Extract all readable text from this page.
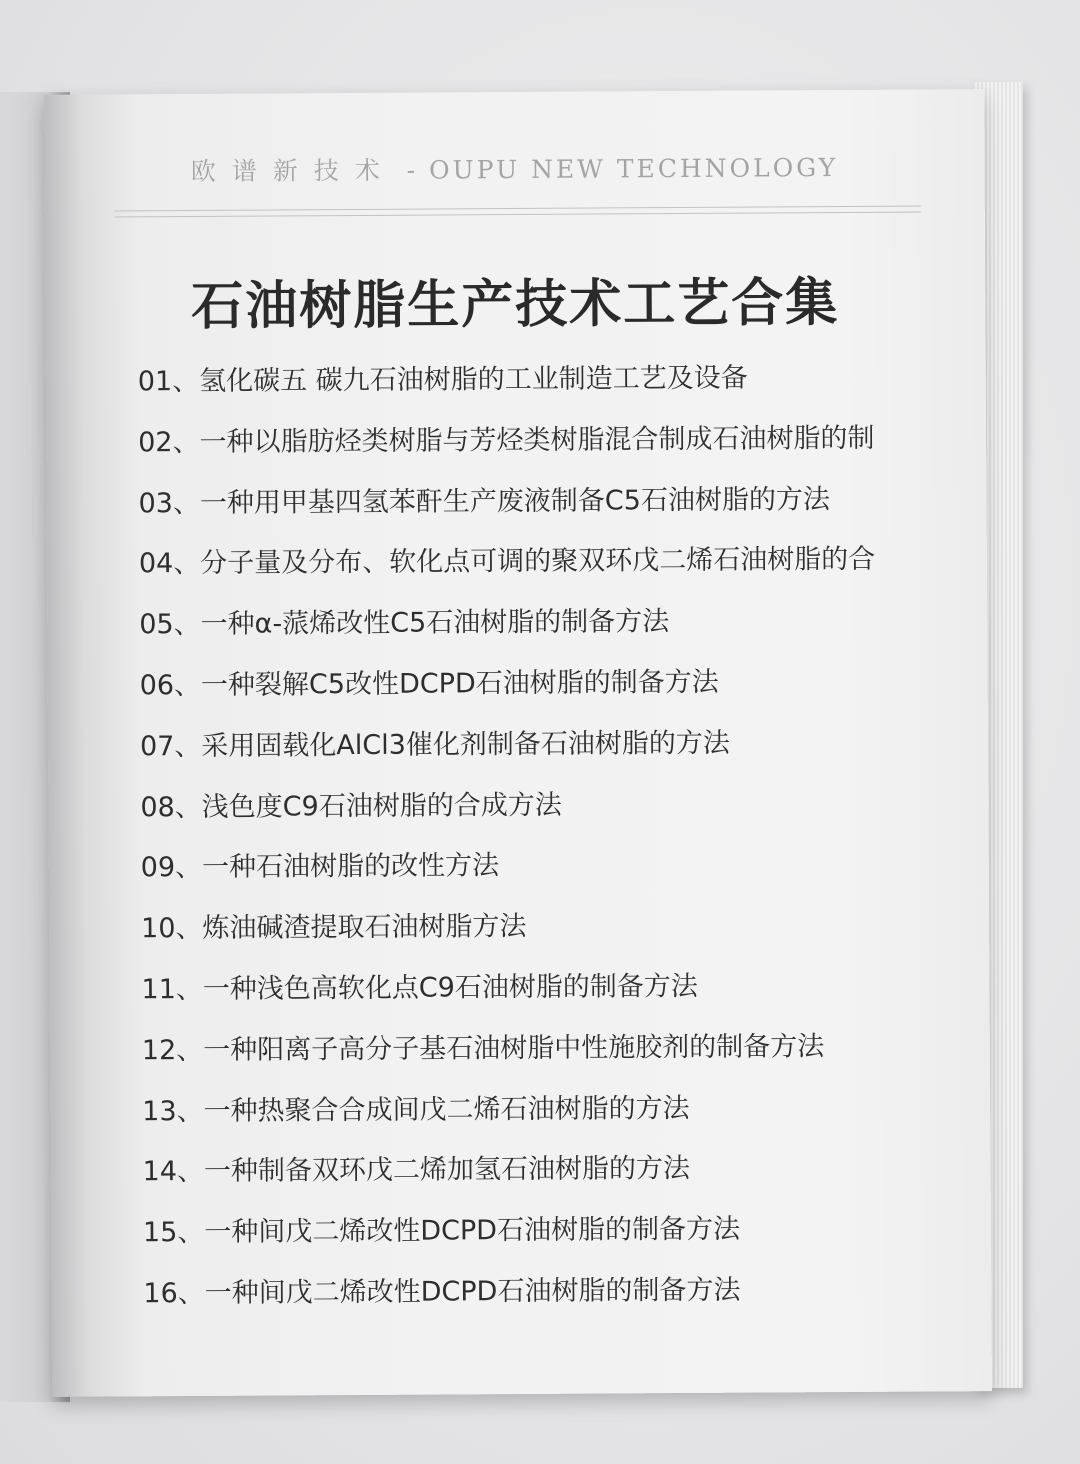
欧谱新技术 - OUPU NEW TECHNOLOGY
石油树脂生产技术工艺合集
01、氢化碳五 碳九石油树脂的工业制造工艺及设备
02、一种以脂肪烃类树脂与芳烃类树脂混合制成石油树脂的制
03、一种用甲基四氢苯酐生产废液制备C5石油树脂的方法
04、分子量及分布、软化点可调的聚双环戊二烯石油树脂的合
05、一种α-蒎烯改性C5石油树脂的制备方法
06、一种裂解C5改性DCPD石油树脂的制备方法
07、采用固载化AlCl3催化剂制备石油树脂的方法
08、浅色度C9石油树脂的合成方法
09、一种石油树脂的改性方法
10、炼油碱渣提取石油树脂方法
11、一种浅色高软化点C9石油树脂的制备方法
12、一种阳离子高分子基石油树脂中性施胶剂的制备方法
13、一种热聚合合成间戊二烯石油树脂的方法
14、一种制备双环戊二烯加氢石油树脂的方法
15、一种间戊二烯改性DCPD石油树脂的制备方法
16、一种间戊二烯改性DCPD石油树脂的制备方法
